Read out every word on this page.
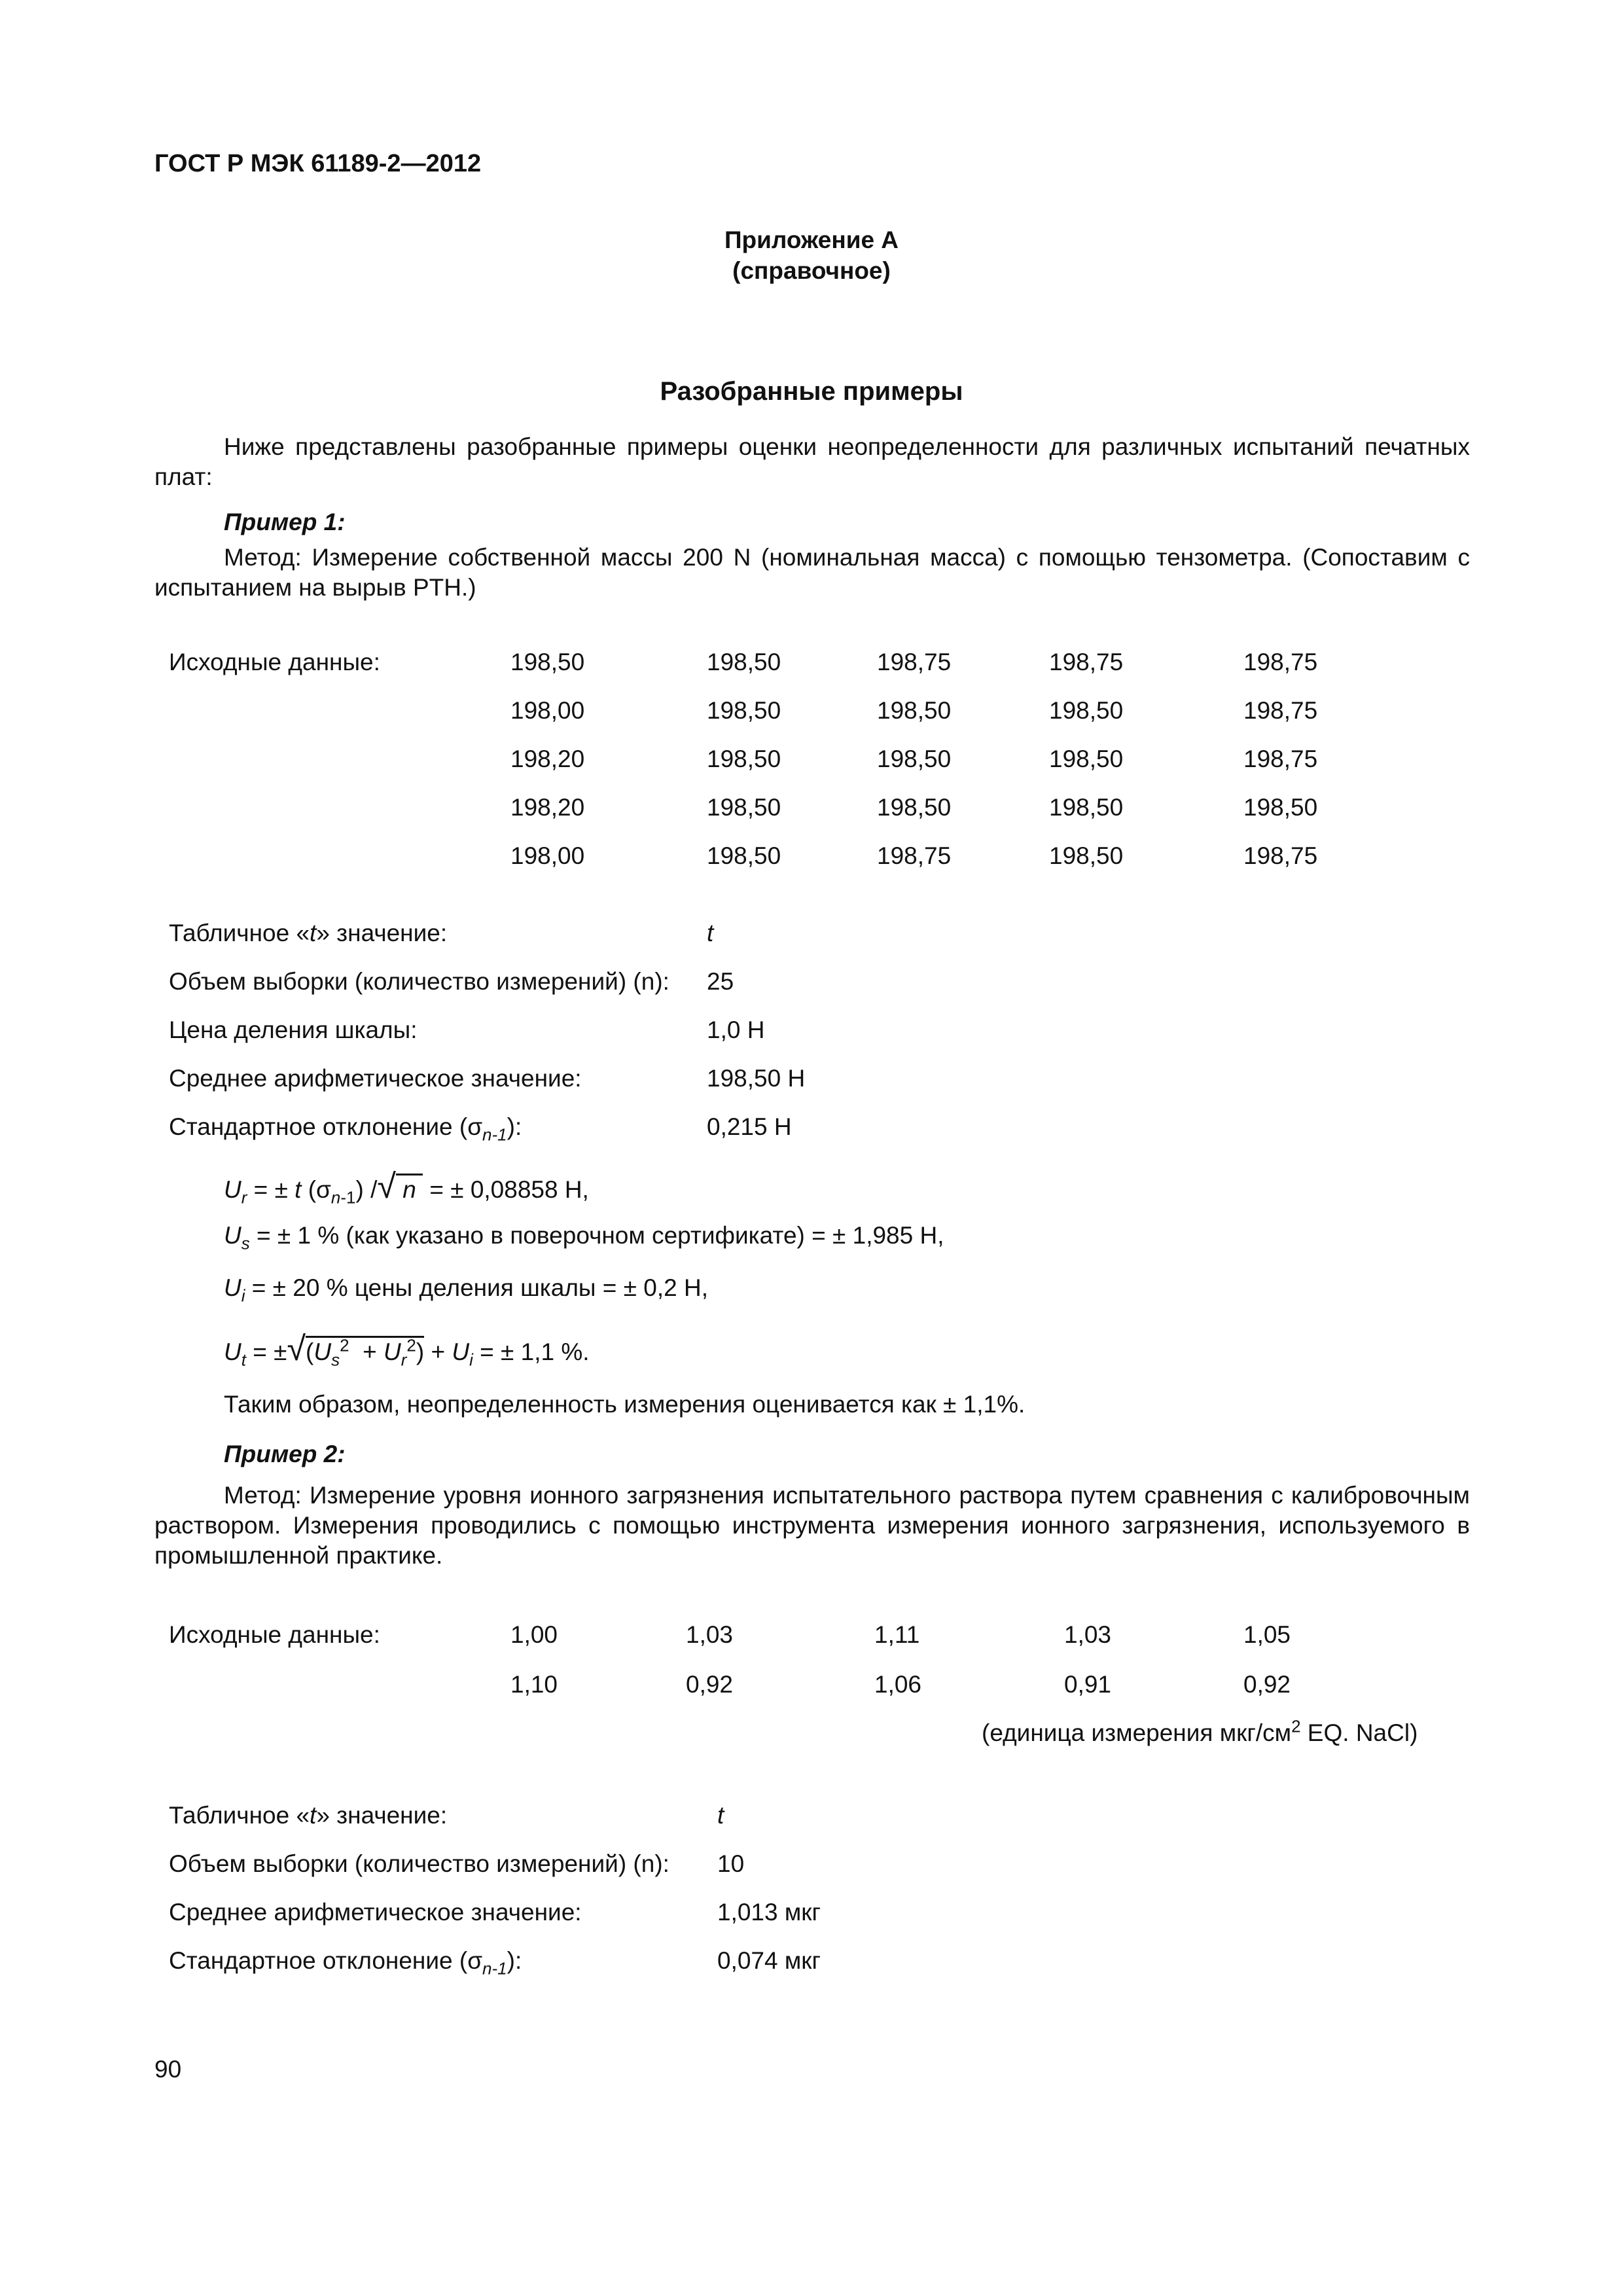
ГОСТ Р МЭК 61189-2—2012
Приложение А
(справочное)
Разобранные примеры
Ниже представлены разобранные примеры оценки неопределенности для различных испытаний печатных плат:
Пример 1:
Метод: Измерение собственной массы 200 N (номинальная масса) с помощью тензометра. (Сопоставим с испытанием на вырыв PTH.)
Исходные данные:	198,50	198,50	198,75	198,75	198,75
198,00	198,50	198,50	198,50	198,75
198,20	198,50	198,50	198,50	198,75
198,20	198,50	198,50	198,50	198,50
198,00	198,50	198,75	198,50	198,75
Табличное «t» значение:	t
Объем выборки (количество измерений) (n): 25
Цена деления шкалы:	1,0 Н
Среднее арифметическое значение:	198,50 Н
Стандартное отклонение $(\sigma_{n-1})$:	0,215 Н
$U_r$ = ± t $(\sigma_{n-1})$ /√ n  = ± 0,08858 Н,
$U_s$ = ± 1 % (как указано в поверочном сертификате) = ± 1,985 Н,
$U_i$ = ± 20 % цены деления шкалы = ± 0,2 Н,
$U_t = \pm√(U_s^2 + U_r^2) + U_i$ = ± 1,1 %.
Таким образом, неопределенность измерения оценивается как ± 1,1%.
Пример 2:
Метод: Измерение уровня ионного загрязнения испытательного раствора путем сравнения с калибровочным раствором. Измерения проводились с помощью инструмента измерения ионного загрязнения, используемого в промышленной практике.
Исходные данные:	1,00	1,03	1,11	1,03	1,05
1,10	0,92	1,06	0,91	0,92
(единица измерения мкг/$см^2$ EQ. NaCl)
Табличное «t» значение:	t
Объем выборки (количество измерений) (n): 10
Среднее арифметическое значение:	1,013 мкг
Стандартное отклонение $(\sigma_{n-1})$:	0,074 мкг
90
